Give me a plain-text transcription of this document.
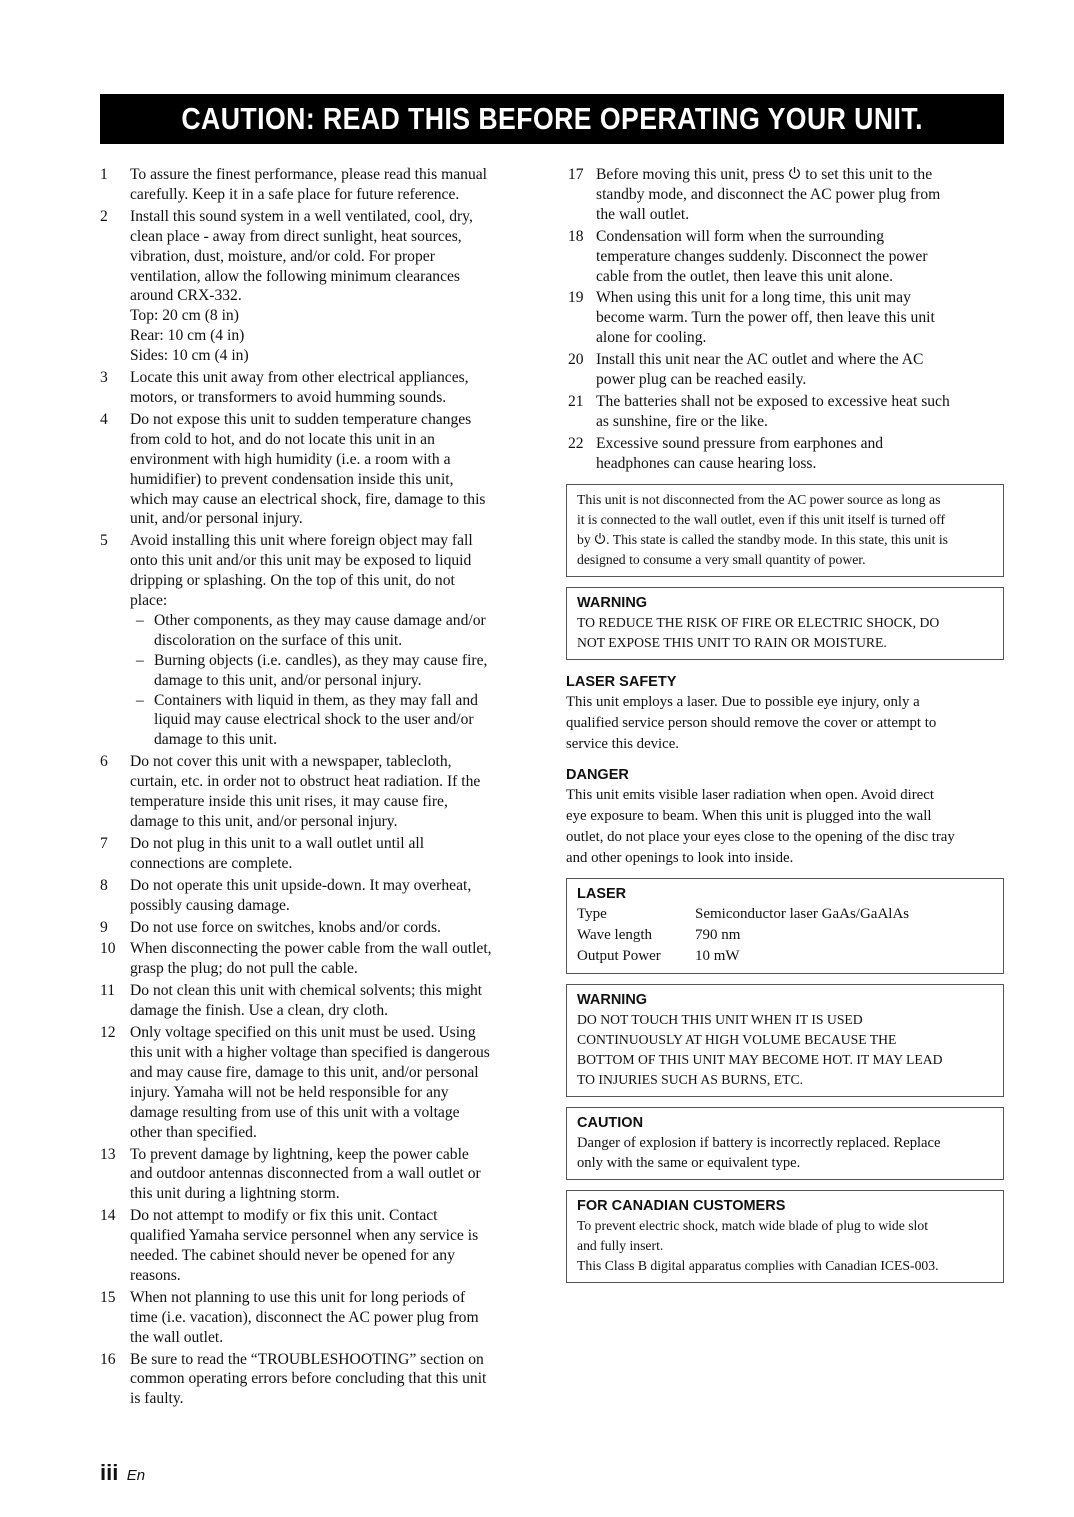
CAUTION: READ THIS BEFORE OPERATING YOUR UNIT.
1 To assure the finest performance, please read this manual
carefully. Keep it in a safe place for future reference.
2 Install this sound system in a well ventilated, cool, dry,
clean place - away from direct sunlight, heat sources,
vibration, dust, moisture, and/or cold. For proper
ventilation, allow the following minimum clearances
around CRX-332.
Top: 20 cm (8 in)
Rear: 10 cm (4 in)
Sides: 10 cm (4 in)
3 Locate this unit away from other electrical appliances,
motors, or transformers to avoid humming sounds.
4 Do not expose this unit to sudden temperature changes
from cold to hot, and do not locate this unit in an
environment with high humidity (i.e. a room with a
humidifier) to prevent condensation inside this unit,
which may cause an electrical shock, fire, damage to this
unit, and/or personal injury.
5 Avoid installing this unit where foreign object may fall
onto this unit and/or this unit may be exposed to liquid
dripping or splashing. On the top of this unit, do not
place:
– Other components, as they may cause damage and/or
discoloration on the surface of this unit.
– Burning objects (i.e. candles), as they may cause fire,
damage to this unit, and/or personal injury.
– Containers with liquid in them, as they may fall and
liquid may cause electrical shock to the user and/or
damage to this unit.
6 Do not cover this unit with a newspaper, tablecloth,
curtain, etc. in order not to obstruct heat radiation. If the
temperature inside this unit rises, it may cause fire,
damage to this unit, and/or personal injury.
7 Do not plug in this unit to a wall outlet until all
connections are complete.
8 Do not operate this unit upside-down. It may overheat,
possibly causing damage.
9 Do not use force on switches, knobs and/or cords.
10 When disconnecting the power cable from the wall outlet,
grasp the plug; do not pull the cable.
11 Do not clean this unit with chemical solvents; this might
damage the finish. Use a clean, dry cloth.
12 Only voltage specified on this unit must be used. Using
this unit with a higher voltage than specified is dangerous
and may cause fire, damage to this unit, and/or personal
injury. Yamaha will not be held responsible for any
damage resulting from use of this unit with a voltage
other than specified.
13 To prevent damage by lightning, keep the power cable
and outdoor antennas disconnected from a wall outlet or
this unit during a lightning storm.
14 Do not attempt to modify or fix this unit. Contact
qualified Yamaha service personnel when any service is
needed. The cabinet should never be opened for any
reasons.
15 When not planning to use this unit for long periods of
time (i.e. vacation), disconnect the AC power plug from
the wall outlet.
16 Be sure to read the “TROUBLESHOOTING” section on
common operating errors before concluding that this unit
is faulty.
17 Before moving this unit, press  to set this unit to the
standby mode, and disconnect the AC power plug from
the wall outlet.
18 Condensation will form when the surrounding
temperature changes suddenly. Disconnect the power
cable from the outlet, then leave this unit alone.
19 When using this unit for a long time, this unit may
become warm. Turn the power off, then leave this unit
alone for cooling.
20 Install this unit near the AC outlet and where the AC
power plug can be reached easily.
21 The batteries shall not be exposed to excessive heat such
as sunshine, fire or the like.
22 Excessive sound pressure from earphones and
headphones can cause hearing loss.
This unit is not disconnected from the AC power source as long as
it is connected to the wall outlet, even if this unit itself is turned off
by . This state is called the standby mode. In this state, this unit is
designed to consume a very small quantity of power.
WARNING
TO REDUCE THE RISK OF FIRE OR ELECTRIC SHOCK, DO
NOT EXPOSE THIS UNIT TO RAIN OR MOISTURE.
LASER SAFETY
This unit employs a laser. Due to possible eye injury, only a
qualified service person should remove the cover or attempt to
service this device.
DANGER
This unit emits visible laser radiation when open. Avoid direct
eye exposure to beam. When this unit is plugged into the wall
outlet, do not place your eyes close to the opening of the disc tray
and other openings to look into inside.
LASER
Type	Semiconductor laser GaAs/GaAlAs
Wave length	790 nm
Output Power	10 mW
WARNING
DO NOT TOUCH THIS UNIT WHEN IT IS USED
CONTINUOUSLY AT HIGH VOLUME BECAUSE THE
BOTTOM OF THIS UNIT MAY BECOME HOT. IT MAY LEAD
TO INJURIES SUCH AS BURNS, ETC.
CAUTION
Danger of explosion if battery is incorrectly replaced. Replace
only with the same or equivalent type.
FOR CANADIAN CUSTOMERS
To prevent electric shock, match wide blade of plug to wide slot
and fully insert.
This Class B digital apparatus complies with Canadian ICES-003.
iii En
